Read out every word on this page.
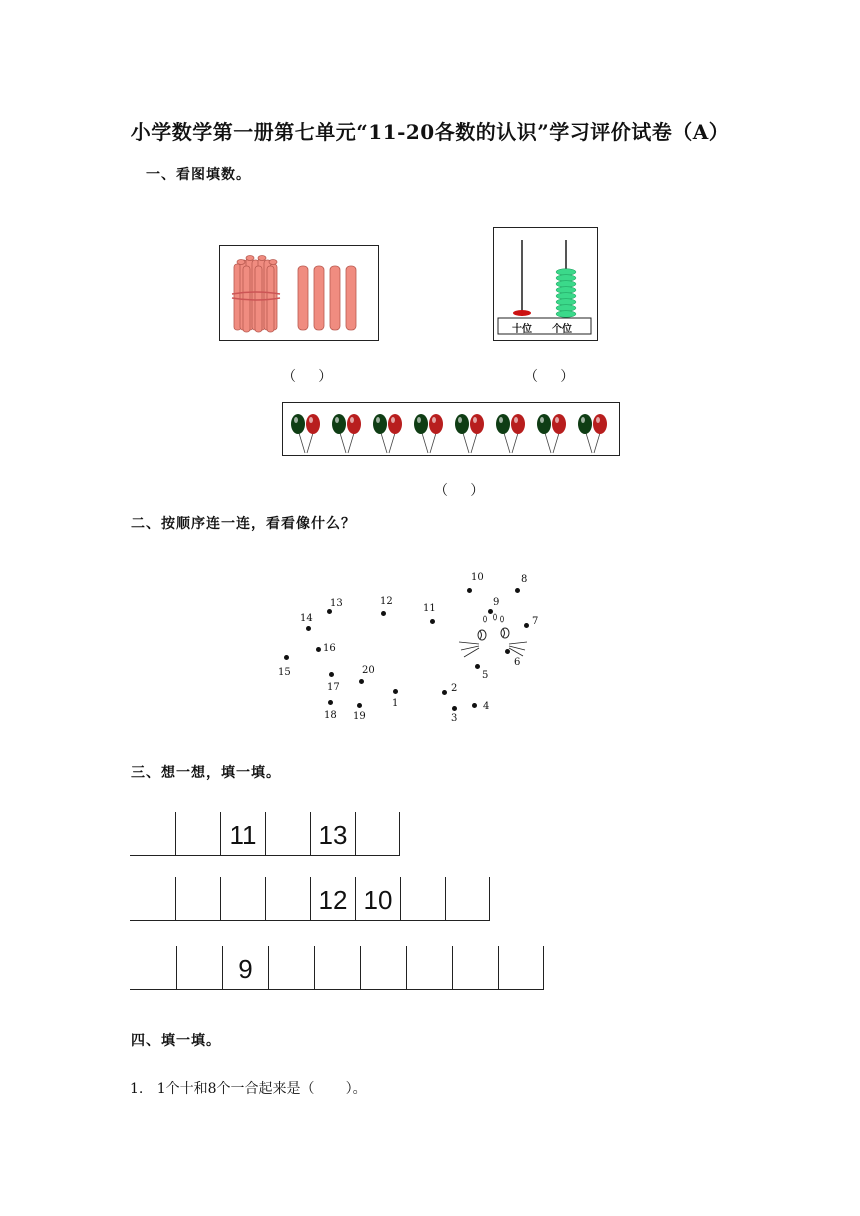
小学数学第一册第七单元“11-20各数的认识”学习评价试卷（A）
一、看图填数。
十位 个位
（     ）	（     ）
（     ）
二、按顺序连一连，看看像什么？
1
2
3
4
5
6
7
8
9
10
11
12
13
14
15
16
17
18 19
20
三、想一想，填一填。
11	13
12 10
9
四、填一填。
1.   1个十和8个一合起来是（       ）。
